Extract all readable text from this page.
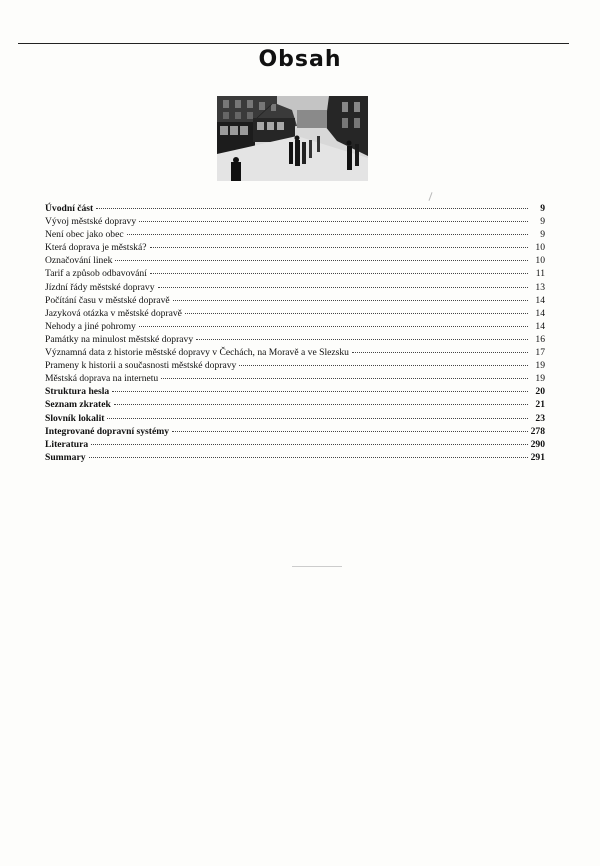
Obsah
Úvodní část	9
Vývoj městské dopravy	9
Není obec jako obec	9
Která doprava je městská?	10
Označování linek	10
Tarif a způsob odbavování	11
Jízdní řády městské dopravy	13
Počítání času v městské dopravě	14
Jazyková otázka v městské dopravě	14
Nehody a jiné pohromy	14
Památky na minulost městské dopravy	16
Významná data z historie městské dopravy v Čechách, na Moravě a ve Slezsku	17
Prameny k historii a současnosti městské dopravy	19
Městská doprava na internetu	19
Struktura hesla	20
Seznam zkratek	21
Slovník lokalit	23
Integrované dopravní systémy	278
Literatura	290
Summary	291
